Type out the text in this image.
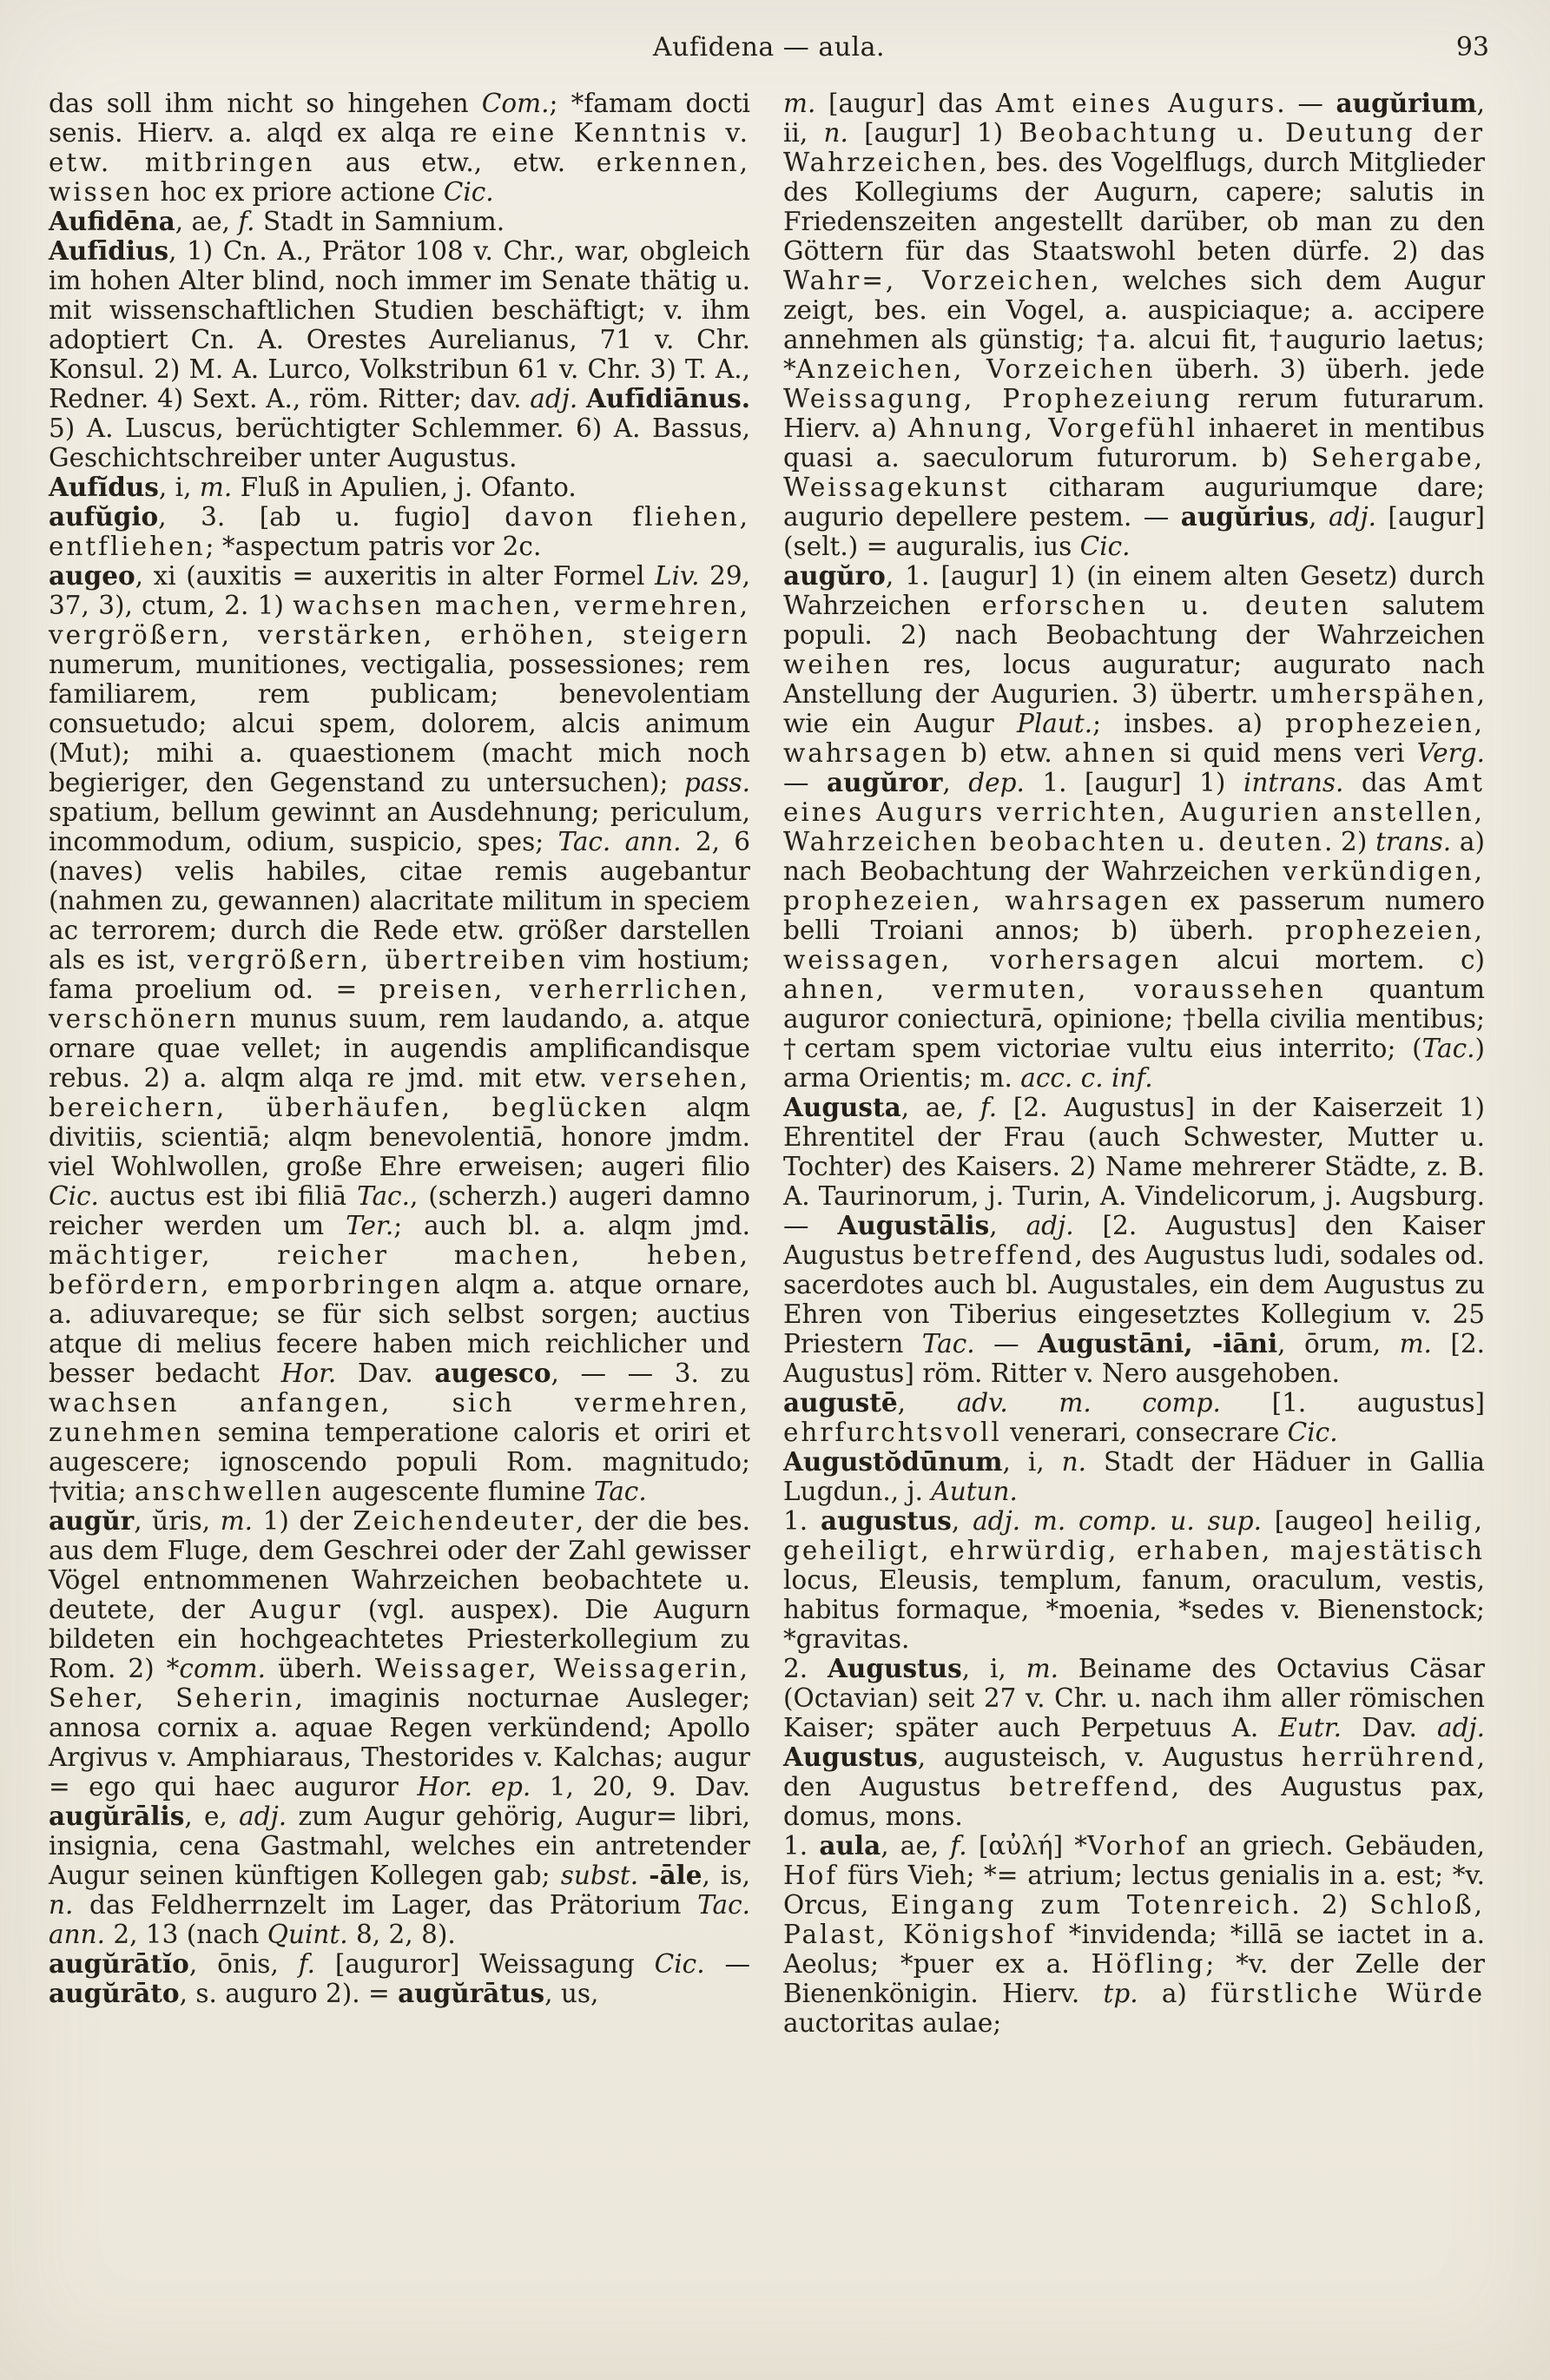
Aufidena — aula.	93

das soll ihm nicht so hingehen Com.; *famam docti senis. Hierv. a. alqd ex alqa re eine Kenntnis v. etw. mitbringen aus etw., etw. erkennen, wissen hoc ex priore actione Cic.

Aufidēna, ae, f. Stadt in Samnium.

Aufīdius, 1) Cn. A., Prätor 108 v. Chr., war, obgleich im hohen Alter blind, noch immer im Senate thätig u. mit wissenschaftlichen Studien beschäftigt; v. ihm adoptiert Cn. A. Orestes Aurelianus, 71 v. Chr. Konsul. 2) M. A. Lurco, Volkstribun 61 v. Chr. 3) T. A., Redner. 4) Sext. A., röm. Ritter; dav. adj. Aufīdiānus. 5) A. Luscus, berüchtigter Schlemmer. 6) A. Bassus, Geschichtschreiber unter Augustus.

Aufĭdus, i, m. Fluß in Apulien, j. Ofanto.

aufŭgio, 3. [ab u. fugio] davon fliehen, entfliehen; *aspectum patris vor 2c.

augeo, xi (auxitis = auxeritis in alter Formel Liv. 29, 37, 3), ctum, 2. 1) wachsen machen, vermehren, vergrößern, verstärken, erhöhen, steigern numerum, munitiones, vectigalia, possessiones; rem familiarem, rem publicam; benevolentiam consuetudo; alcui spem, dolorem, alcis animum (Mut); mihi a. quaestionem (macht mich noch begieriger, den Gegenstand zu untersuchen); pass. spatium, bellum gewinnt an Ausdehnung; periculum, incommodum, odium, suspicio, spes; Tac. ann. 2, 6 (naves) velis habiles, citae remis augebantur (nahmen zu, gewannen) alacritate militum in speciem ac terrorem; durch die Rede etw. größer darstellen als es ist, vergrößern, übertreiben vim hostium; fama proelium od. = preisen, verherrlichen, verschönern munus suum, rem laudando, a. atque ornare quae vellet; in augendis amplificandisque rebus. 2) a. alqm alqa re jmd. mit etw. versehen, bereichern, überhäufen, beglücken alqm divitiis, scientiā; alqm benevolentiā, honore jmdm. viel Wohlwollen, große Ehre erweisen; augeri filio Cic. auctus est ibi filiā Tac., (scherzh.) augeri damno reicher werden um Ter.; auch bl. a. alqm jmd. mächtiger, reicher machen, heben, befördern, emporbringen alqm a. atque ornare, a. adiuvareque; se für sich selbst sorgen; auctius atque di melius fecere haben mich reichlicher und besser bedacht Hor. Dav. augesco, — — 3. zu wachsen anfangen, sich vermehren, zunehmen semina temperatione caloris et oriri et augescere; ignoscendo populi Rom. magnitudo; †vitia; anschwellen augescente flumine Tac.

augŭr, ŭris, m. 1) der Zeichendeuter, der die bes. aus dem Fluge, dem Geschrei oder der Zahl gewisser Vögel entnommenen Wahrzeichen beobachtete u. deutete, der Augur (vgl. auspex). Die Augurn bildeten ein hochgeachtetes Priesterkollegium zu Rom. 2) *comm. überh. Weissager, Weissagerin, Seher, Seherin, imaginis nocturnae Ausleger; annosa cornix a. aquae Regen verkündend; Apollo Argivus v. Amphiaraus, Thestorides v. Kalchas; augur = ego qui haec auguror Hor. ep. 1, 20, 9. Dav. augŭrālis, e, adj. zum Augur gehörig, Augur= libri, insignia, cena Gastmahl, welches ein antretender Augur seinen künftigen Kollegen gab; subst. -āle, is, n. das Feldherrnzelt im Lager, das Prätorium Tac. ann. 2, 13 (nach Quint. 8, 2, 8).

augŭrātĭo, ōnis, f. [auguror] Weissagung Cic. — augŭrāto, s. auguro 2). = augŭrātus, us,

m. [augur] das Amt eines Augurs. — augŭrium, ii, n. [augur] 1) Beobachtung u. Deutung der Wahrzeichen, bes. des Vogelflugs, durch Mitglieder des Kollegiums der Augurn, capere; salutis in Friedenszeiten angestellt darüber, ob man zu den Göttern für das Staatswohl beten dürfe. 2) das Wahr=, Vorzeichen, welches sich dem Augur zeigt, bes. ein Vogel, a. auspiciaque; a. accipere annehmen als günstig; †a. alcui fit, †augurio laetus; *Anzeichen, Vorzeichen überh. 3) überh. jede Weissagung, Prophezeiung rerum futurarum. Hierv. a) Ahnung, Vorgefühl inhaeret in mentibus quasi a. saeculorum futurorum. b) Sehergabe, Weissagekunst citharam auguriumque dare; augurio depellere pestem. — augŭrius, adj. [augur] (selt.) = auguralis, ius Cic.

augŭro, 1. [augur] 1) (in einem alten Gesetz) durch Wahrzeichen erforschen u. deuten salutem populi. 2) nach Beobachtung der Wahrzeichen weihen res, locus auguratur; augurato nach Anstellung der Augurien. 3) übertr. umherspähen, wie ein Augur Plaut.; insbes. a) prophezeien, wahrsagen b) etw. ahnen si quid mens veri Verg. — augŭror, dep. 1. [augur] 1) intrans. das Amt eines Augurs verrichten, Augurien anstellen, Wahrzeichen beobachten u. deuten. 2) trans. a) nach Beobachtung der Wahrzeichen verkündigen, prophezeien, wahrsagen ex passerum numero belli Troiani annos; b) überh. prophezeien, weissagen, vorhersagen alcui mortem. c) ahnen, vermuten, voraussehen quantum auguror coniecturā, opinione; †bella civilia mentibus; †certam spem victoriae vultu eius interrito; (Tac.) arma Orientis; m. acc. c. inf.

Augusta, ae, f. [2. Augustus] in der Kaiserzeit 1) Ehrentitel der Frau (auch Schwester, Mutter u. Tochter) des Kaisers. 2) Name mehrerer Städte, z. B. A. Taurinorum, j. Turin, A. Vindelicorum, j. Augsburg. — Augustālis, adj. [2. Augustus] den Kaiser Augustus betreffend, des Augustus ludi, sodales od. sacerdotes auch bl. Augustales, ein dem Augustus zu Ehren von Tiberius eingesetztes Kollegium v. 25 Priestern Tac. — Augustāni, -iāni, ōrum, m. [2. Augustus] röm. Ritter v. Nero ausgehoben.

augustē, adv. m. comp. [1. augustus] ehrfurchtsvoll venerari, consecrare Cic.

Augustŏdūnum, i, n. Stadt der Häduer in Gallia Lugdun., j. Autun.

1. augustus, adj. m. comp. u. sup. [augeo] heilig, geheiligt, ehrwürdig, erhaben, majestätisch locus, Eleusis, templum, fanum, oraculum, vestis, habitus formaque, *moenia, *sedes v. Bienenstock; *gravitas.

2. Augustus, i, m. Beiname des Octavius Cäsar (Octavian) seit 27 v. Chr. u. nach ihm aller römischen Kaiser; später auch Perpetuus A. Eutr. Dav. adj. Augustus, augusteisch, v. Augustus herrührend, den Augustus betreffend, des Augustus pax, domus, mons.

1. aula, ae, f. [αὐλή] *Vorhof an griech. Gebäuden, Hof fürs Vieh; *= atrium; lectus genialis in a. est; *v. Orcus, Eingang zum Totenreich. 2) Schloß, Palast, Königshof *invidenda; *illā se iactet in a. Aeolus; *puer ex a. Höfling; *v. der Zelle der Bienenkönigin. Hierv. tp. a) fürstliche Würde auctoritas aulae;
